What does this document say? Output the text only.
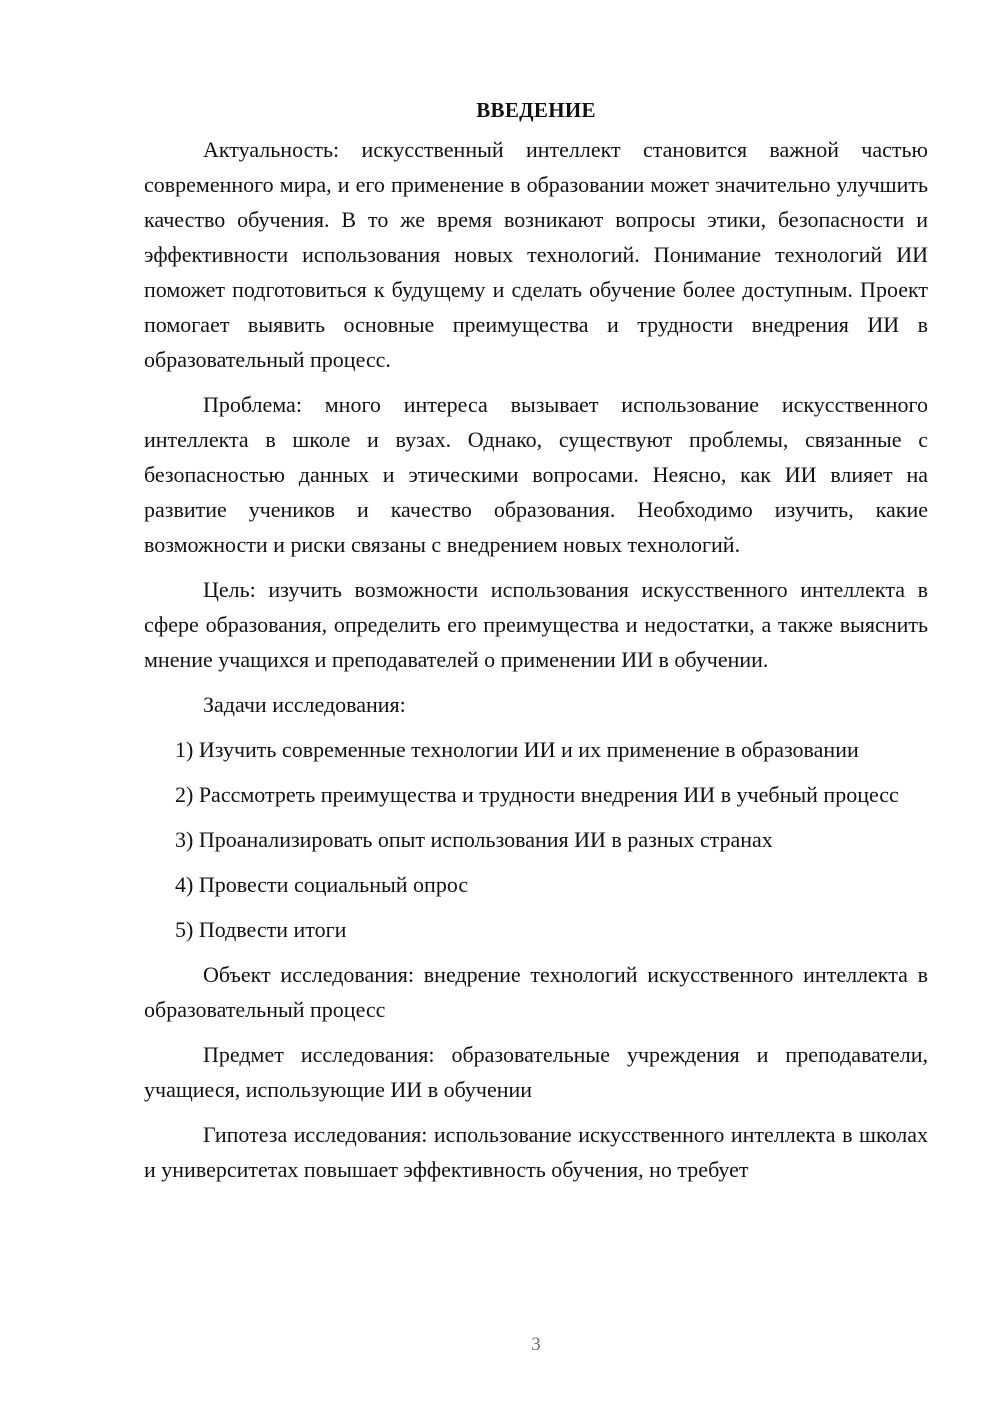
ВВЕДЕНИЕ

Актуальность: искусственный интеллект становится важной частью современного мира, и его применение в образовании может значительно улучшить качество обучения. В то же время возникают вопросы этики, безопасности и эффективности использования новых технологий. Понимание технологий ИИ поможет подготовиться к будущему и сделать обучение более доступным. Проект помогает выявить основные преимущества и трудности внедрения ИИ в образовательный процесс.

Проблема: много интереса вызывает использование искусственного интеллекта в школе и вузах. Однако, существуют проблемы, связанные с безопасностью данных и этическими вопросами. Неясно, как ИИ влияет на развитие учеников и качество образования. Необходимо изучить, какие возможности и риски связаны с внедрением новых технологий.

Цель: изучить возможности использования искусственного интеллекта в сфере образования, определить его преимущества и недостатки, а также выяснить мнение учащихся и преподавателей о применении ИИ в обучении.

Задачи исследования:

1) Изучить современные технологии ИИ и их применение в образовании

2) Рассмотреть преимущества и трудности внедрения ИИ в учебный процесс

3) Проанализировать опыт использования ИИ в разных странах

4) Провести социальный опрос

5) Подвести итоги

Объект исследования: внедрение технологий искусственного интеллекта в образовательный процесс

Предмет исследования: образовательные учреждения и преподаватели, учащиеся, использующие ИИ в обучении

Гипотеза исследования: использование искусственного интеллекта в школах и университетах повышает эффективность обучения, но требует

3
